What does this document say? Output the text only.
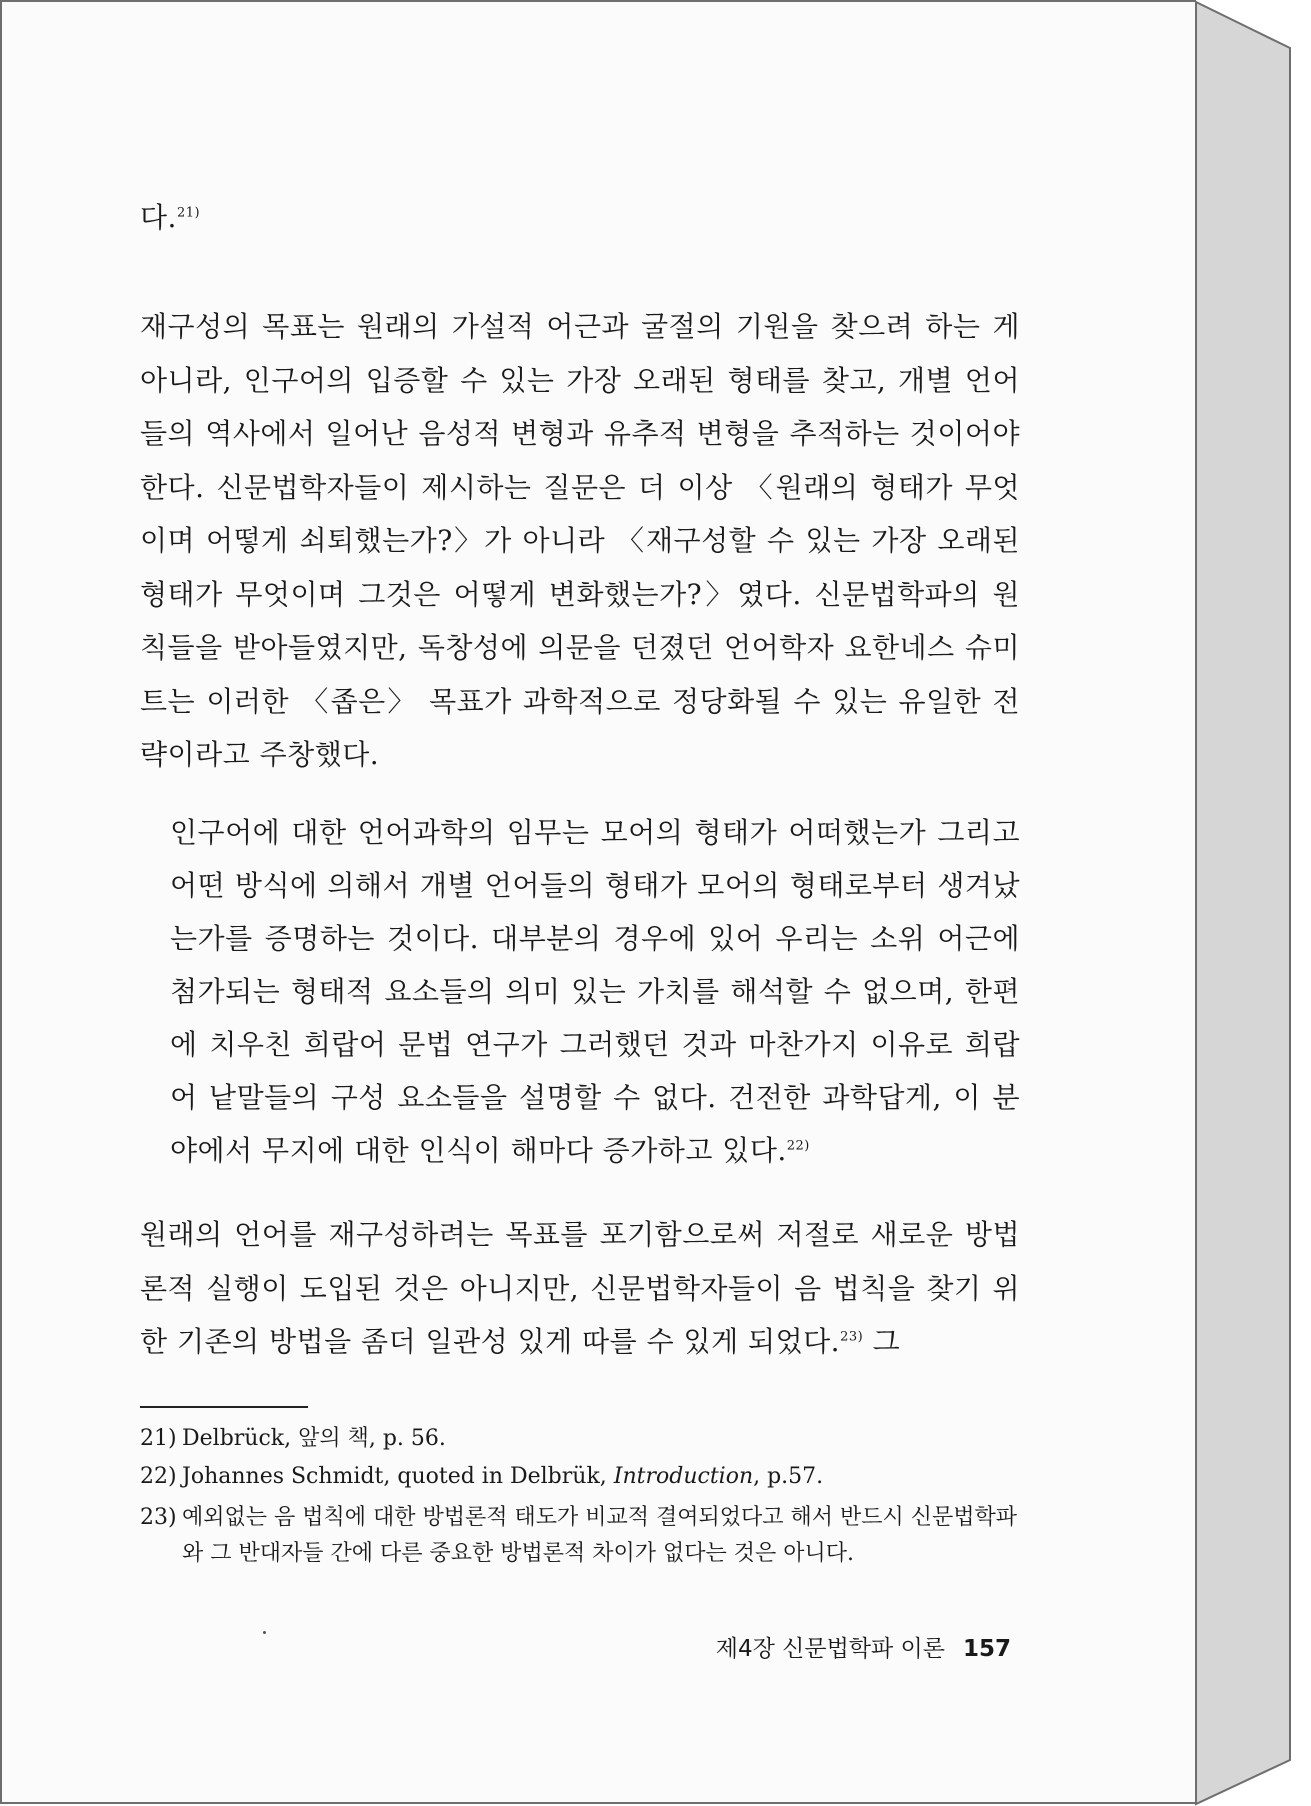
다.$^{21)}$

재구성의 목표는 원래의 가설적 어근과 굴절의 기원을 찾으려 하는 게 아니라, 인구어의 입증할 수 있는 가장 오래된 형태를 찾고, 개별 언어들의 역사에서 일어난 음성적 변형과 유추적 변형을 추적하는 것이어야 한다. 신문법학자들이 제시하는 질문은 더 이상 〈원래의 형태가 무엇이며 어떻게 쇠퇴했는가?〉가 아니라 〈재구성할 수 있는 가장 오래된 형태가 무엇이며 그것은 어떻게 변화했는가?〉였다. 신문법학파의 원칙들을 받아들였지만, 독창성에 의문을 던졌던 언어학자 요한네스 슈미트는 이러한 〈좁은〉 목표가 과학적으로 정당화될 수 있는 유일한 전략이라고 주창했다.

인구어에 대한 언어과학의 임무는 모어의 형태가 어떠했는가 그리고 어떤 방식에 의해서 개별 언어들의 형태가 모어의 형태로부터 생겨났는가를 증명하는 것이다. 대부분의 경우에 있어 우리는 소위 어근에 첨가되는 형태적 요소들의 의미 있는 가치를 해석할 수 없으며, 한편에 치우친 희랍어 문법 연구가 그러했던 것과 마찬가지 이유로 희랍어 낱말들의 구성 요소들을 설명할 수 없다. 건전한 과학답게, 이 분야에서 무지에 대한 인식이 해마다 증가하고 있다.$^{22)}$

원래의 언어를 재구성하려는 목표를 포기함으로써 저절로 새로운 방법론적 실행이 도입된 것은 아니지만, 신문법학자들이 음 법칙을 찾기 위한 기존의 방법을 좀더 일관성 있게 따를 수 있게 되었다.$^{23)}$ 그

21) Delbrück, 앞의 책, p. 56.

22) Johannes Schmidt, quoted in Delbrük, Introduction, p.57.

23) 예외없는 음 법칙에 대한 방법론적 태도가 비교적 결여되었다고 해서 반드시 신문법학파와 그 반대자들 간에 다른 중요한 방법론적 차이가 없다는 것은 아니다.

제4장 신문법학파 이론 157
